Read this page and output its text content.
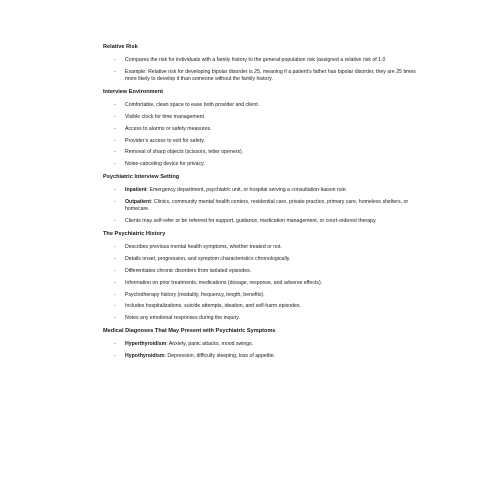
Relative Risk
- Compares the risk for individuals with a family history to the general population risk (assigned a relative risk of 1.0
- Example: Relative risk for developing bipolar disorder is 25, meaning if a patient’s father has bipolar disorder, they are 25 times more likely to develop it than someone without the family history.
Interview Environment
- Comfortable, clean space to ease both provider and client.
- Visible clock for time management.
- Access to alarms or safety measures.
- Provider’s access to exit for safety.
- Removal of sharp objects (scissors, letter openers).
- Noise-canceling device for privacy.
Psychiatric Interview Setting
- Inpatient: Emergency department, psychiatric unit, or hospital serving a consultation-liaison role.
- Outpatient: Clinics, community mental health centers, residential care, private practice, primary care, homeless shelters, or homecare.
- Clients may self-refer or be referred for support, guidance, medication management, or court-ordered therapy.
The Psychiatric History
- Describes previous mental health symptoms, whether treated or not.
- Details onset, progression, and symptom characteristics chronologically.
- Differentiates chronic disorders from isolated episodes.
- Information on prior treatments, medications (dosage, response, and adverse effects).
- Psychotherapy history (modality, frequency, length, benefits).
- Includes hospitalizations, suicide attempts, ideation, and self-harm episodes.
- Notes any emotional responses during the inquiry.
Medical Diagnoses That May Present with Psychiatric Symptoms
- Hyperthyroidism: Anxiety, panic attacks, mood swings.
- Hypothyroidism: Depression, difficulty sleeping, loss of appetite.
